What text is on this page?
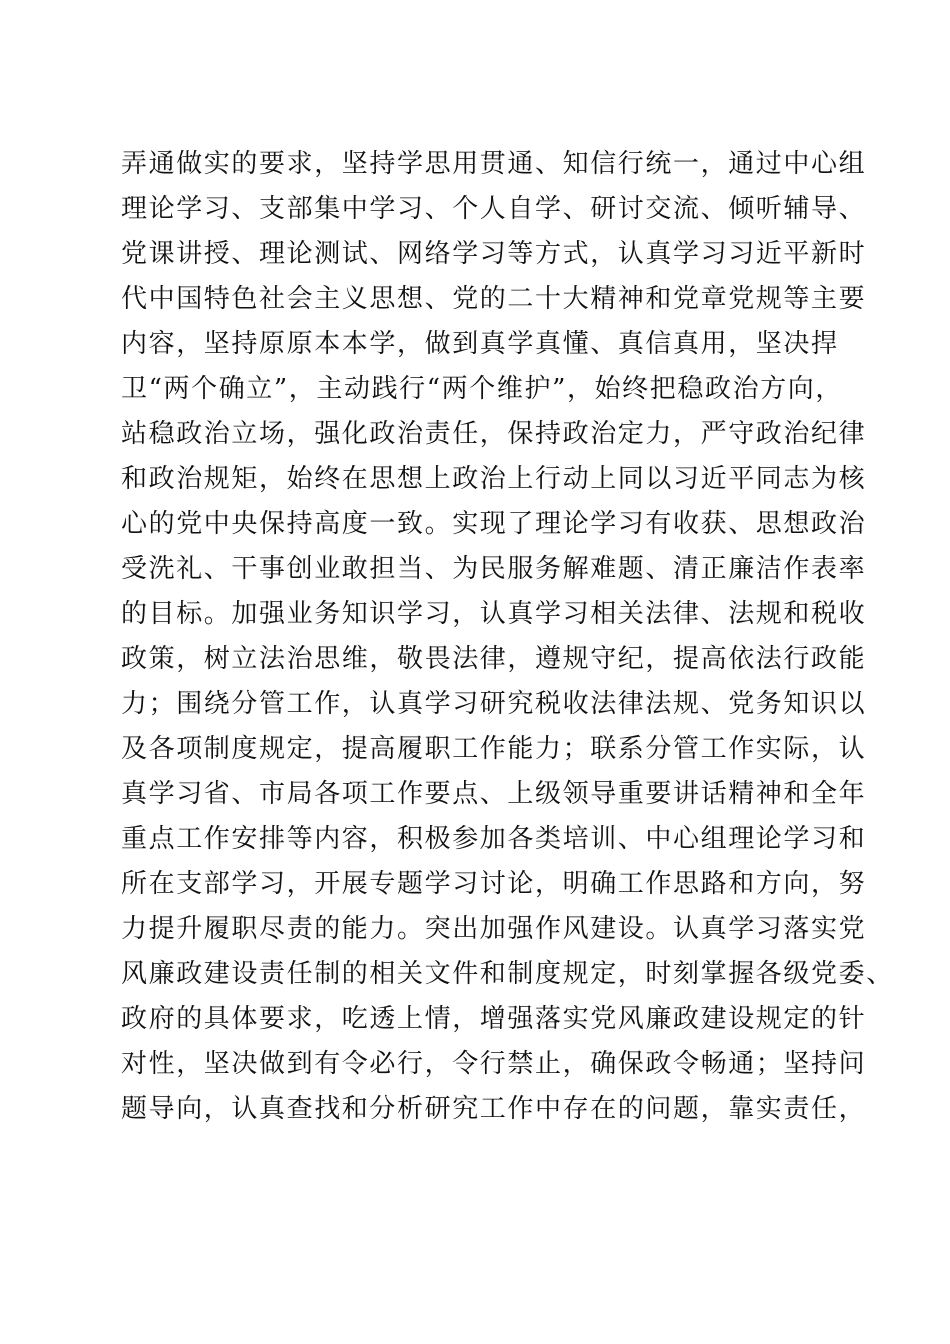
弄通做实的要求，坚持学思用贯通、知信行统一，通过中心组
理论学习、支部集中学习、个人自学、研讨交流、倾听辅导、
党课讲授、理论测试、网络学习等方式，认真学习习近平新时
代中国特色社会主义思想、党的二十大精神和党章党规等主要
内容，坚持原原本本学，做到真学真懂、真信真用，坚决捍
卫“两个确立”，主动践行“两个维护”，始终把稳政治方向，
站稳政治立场，强化政治责任，保持政治定力，严守政治纪律
和政治规矩，始终在思想上政治上行动上同以习近平同志为核
心的党中央保持高度一致。实现了理论学习有收获、思想政治
受洗礼、干事创业敢担当、为民服务解难题、清正廉洁作表率
的目标。加强业务知识学习，认真学习相关法律、法规和税收
政策，树立法治思维，敬畏法律，遵规守纪，提高依法行政能
力；围绕分管工作，认真学习研究税收法律法规、党务知识以
及各项制度规定，提高履职工作能力；联系分管工作实际，认
真学习省、市局各项工作要点、上级领导重要讲话精神和全年
重点工作安排等内容，积极参加各类培训、中心组理论学习和
所在支部学习，开展专题学习讨论，明确工作思路和方向，努
力提升履职尽责的能力。突出加强作风建设。认真学习落实党
风廉政建设责任制的相关文件和制度规定，时刻掌握各级党委、
政府的具体要求，吃透上情，增强落实党风廉政建设规定的针
对性，坚决做到有令必行，令行禁止，确保政令畅通；坚持问
题导向，认真查找和分析研究工作中存在的问题，靠实责任，
